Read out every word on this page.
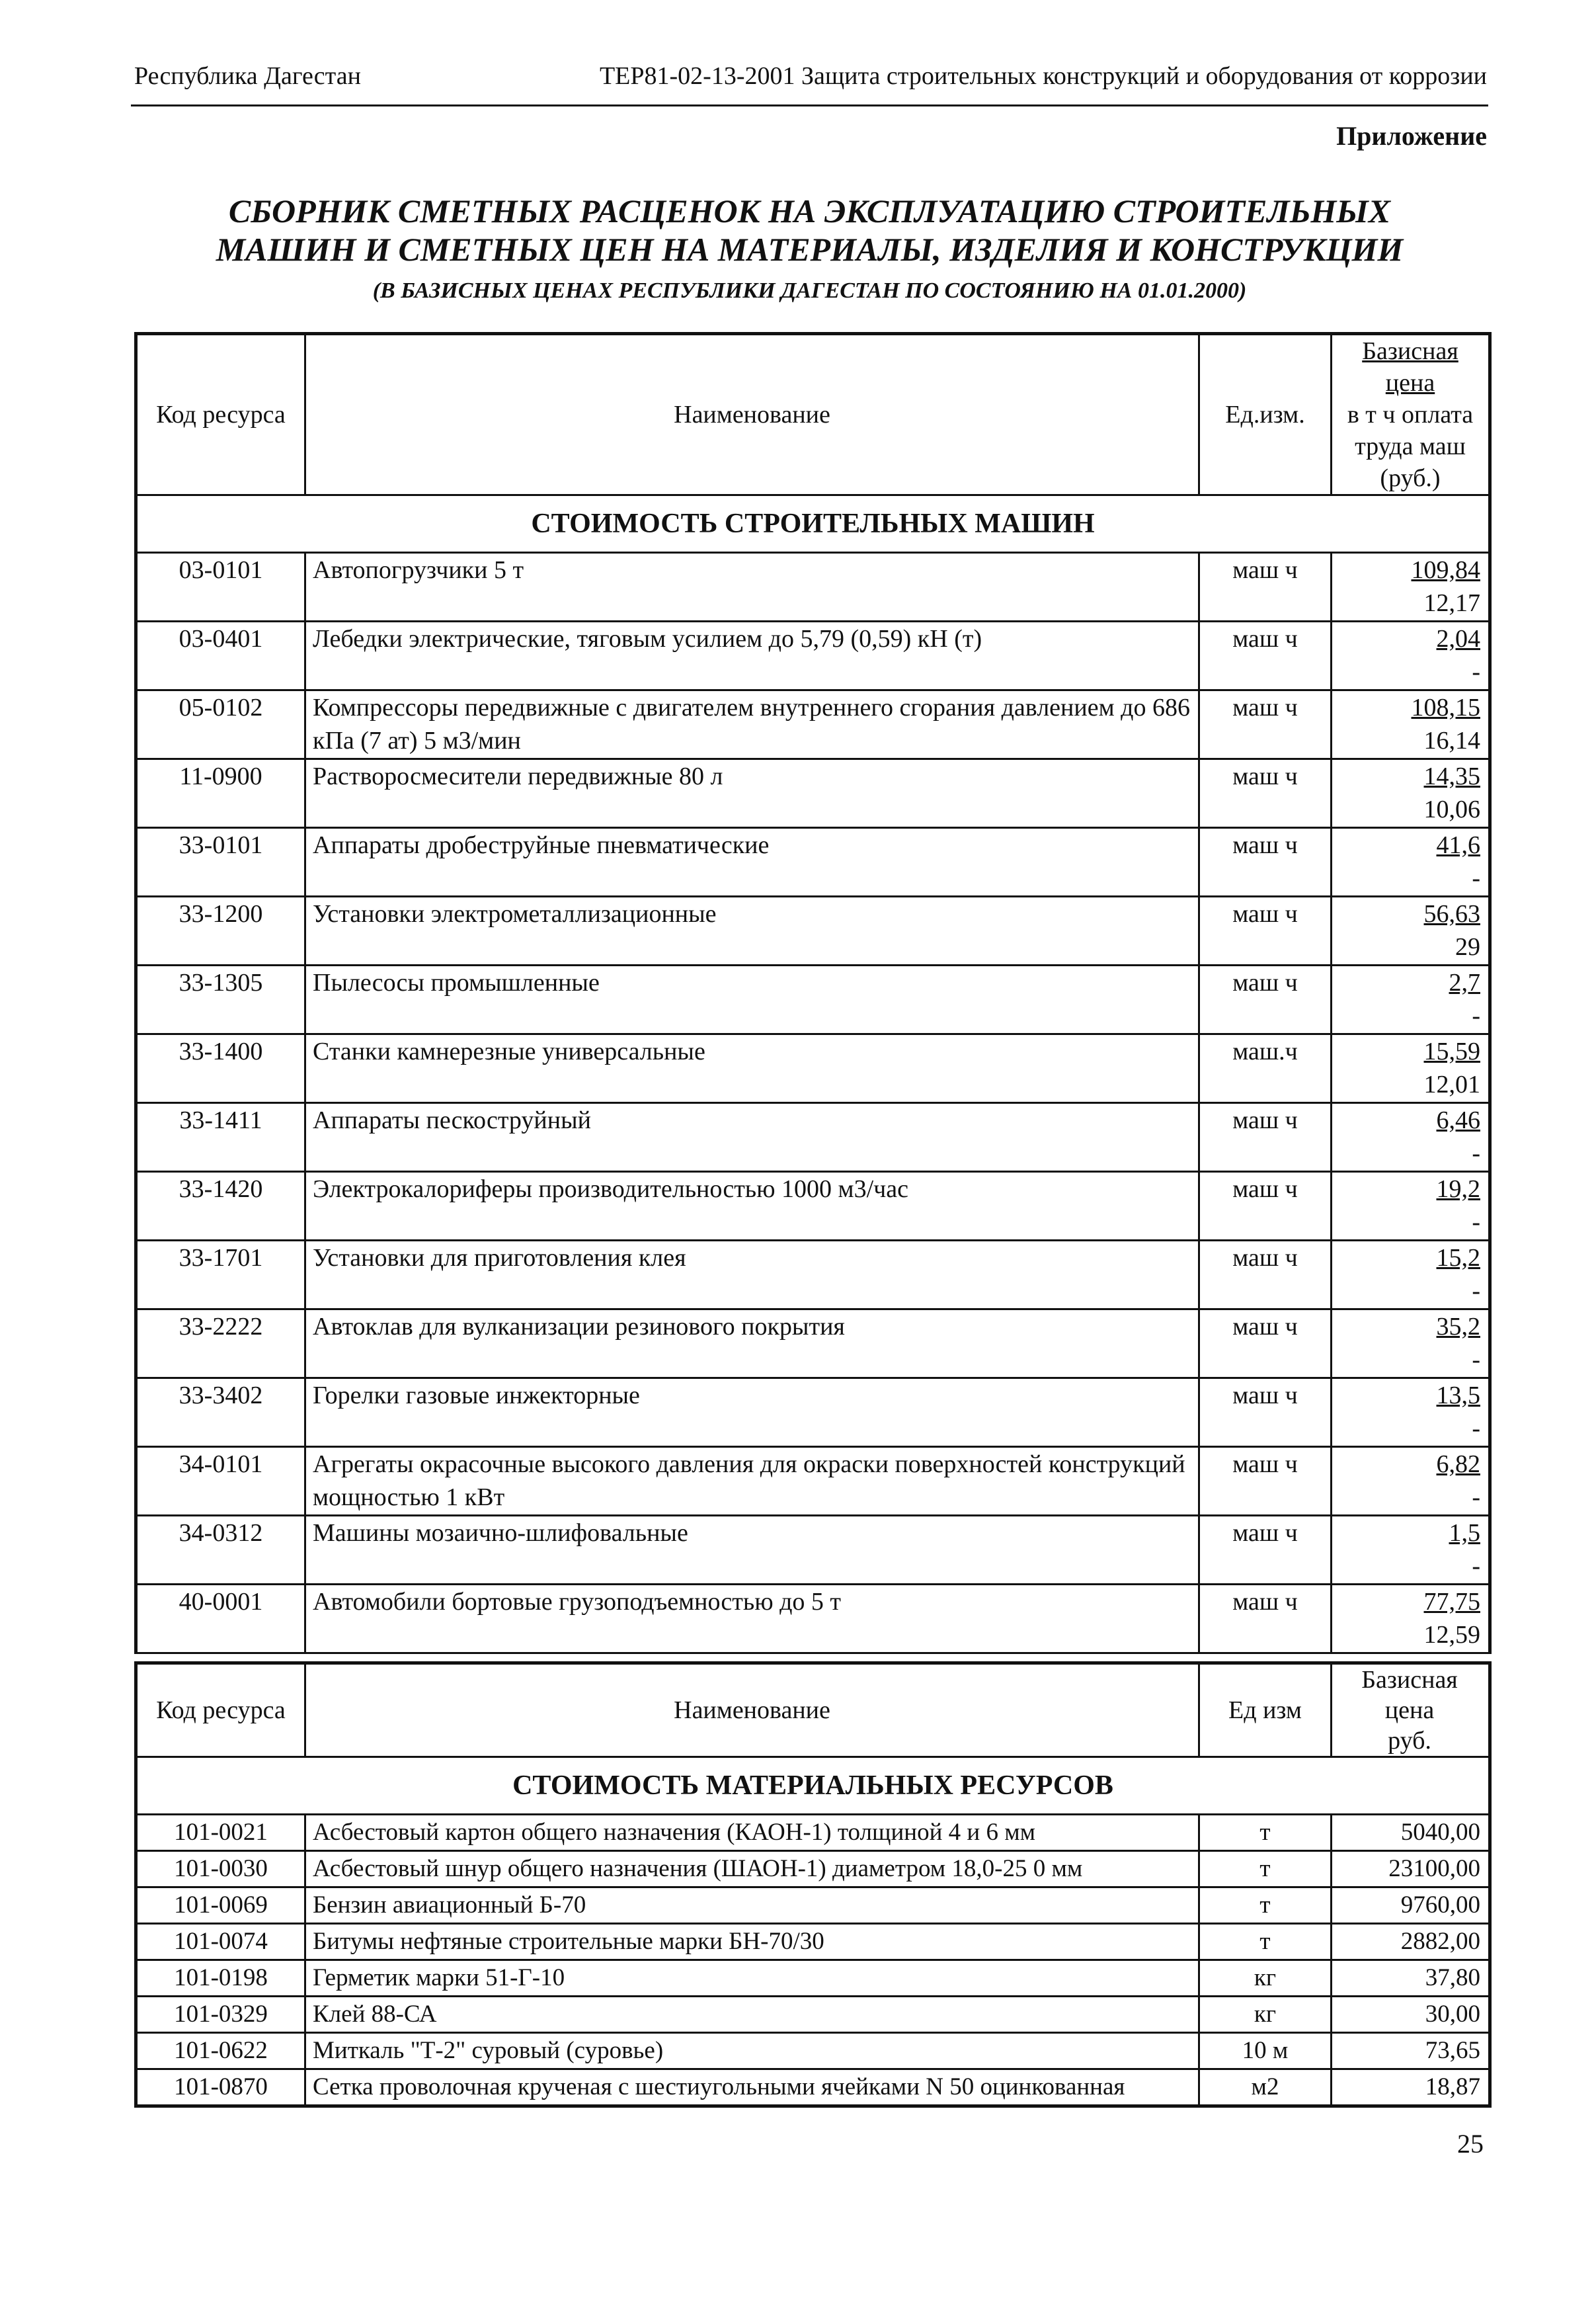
Республика Дагестан	ТЕР81-02-13-2001 Защита строительных конструкций и оборудования от коррозии
Приложение
СБОРНИК СМЕТНЫХ РАСЦЕНОК НА ЭКСПЛУАТАЦИЮ СТРОИТЕЛЬНЫХ
МАШИН И СМЕТНЫХ ЦЕН НА МАТЕРИАЛЫ, ИЗДЕЛИЯ И КОНСТРУКЦИИ
(В БАЗИСНЫХ ЦЕНАХ РЕСПУБЛИКИ ДАГЕСТАН ПО СОСТОЯНИЮ НА 01.01.2000)
Код ресурса	Наименование	Ед.изм.	Базисная цена
в т ч оплата
труда маш
(руб.)

СТОИМОСТЬ СТРОИТЕЛЬНЫХ МАШИН			
03-0101	Автопогрузчики 5 т	маш ч	109,84
12,17

03-0401	Лебедки электрические, тяговым усилием до 5,79 (0,59) кН (т)	маш ч	2,04
-

05-0102	Компрессоры передвижные с двигателем внутреннего сгорания давлением до 686 кПа (7 ат) 5 м3/мин	маш ч	108,15
16,14

11-0900	Растворосмесители передвижные 80 л	маш ч	14,35
10,06

33-0101	Аппараты дробеструйные пневматические	маш ч	41,6
-

33-1200	Установки электрометаллизационные	маш ч	56,63
29

33-1305	Пылесосы промышленные	маш ч	2,7
-

33-1400	Станки камнерезные универсальные	маш.ч	15,59
12,01

33-1411	Аппараты пескоструйный	маш ч	6,46
-

33-1420	Электрокалориферы производительностью 1000 м3/час	маш ч	19,2
-

33-1701	Установки для приготовления клея	маш ч	15,2
-

33-2222	Автоклав для вулканизации резинового покрытия	маш ч	35,2
-

33-3402	Горелки газовые инжекторные	маш ч	13,5
-

34-0101	Агрегаты окрасочные высокого давления для окраски поверхностей конструкций мощностью 1 кВт	маш ч	6,82
-

34-0312	Машины мозаично-шлифовальные	маш ч	1,5
-

40-0001	Автомобили бортовые грузоподъемностью до 5 т	маш ч	77,75
12,59
Код ресурса	Наименование	Ед изм	Базисная цена
руб.

СТОИМОСТЬ МАТЕРИАЛЬНЫХ РЕСУРСОВ			
101-0021	Асбестовый картон общего назначения (КАОН-1) толщиной 4 и 6 мм	т	5040,00
101-0030	Асбестовый шнур общего назначения (ШАОН-1) диаметром 18,0-25 0 мм	т	23100,00
101-0069	Бензин авиационный Б-70	т	9760,00
101-0074	Битумы нефтяные строительные марки БН-70/30	т	2882,00
101-0198	Герметик марки 51-Г-10	кг	37,80
101-0329	Клей 88-СА	кг	30,00
101-0622	Миткаль "Т-2" суровый (суровье)	10 м	73,65
101-0870	Сетка проволочная крученая с шестиугольными ячейками N 50 оцинкованная	м2	18,87
25
